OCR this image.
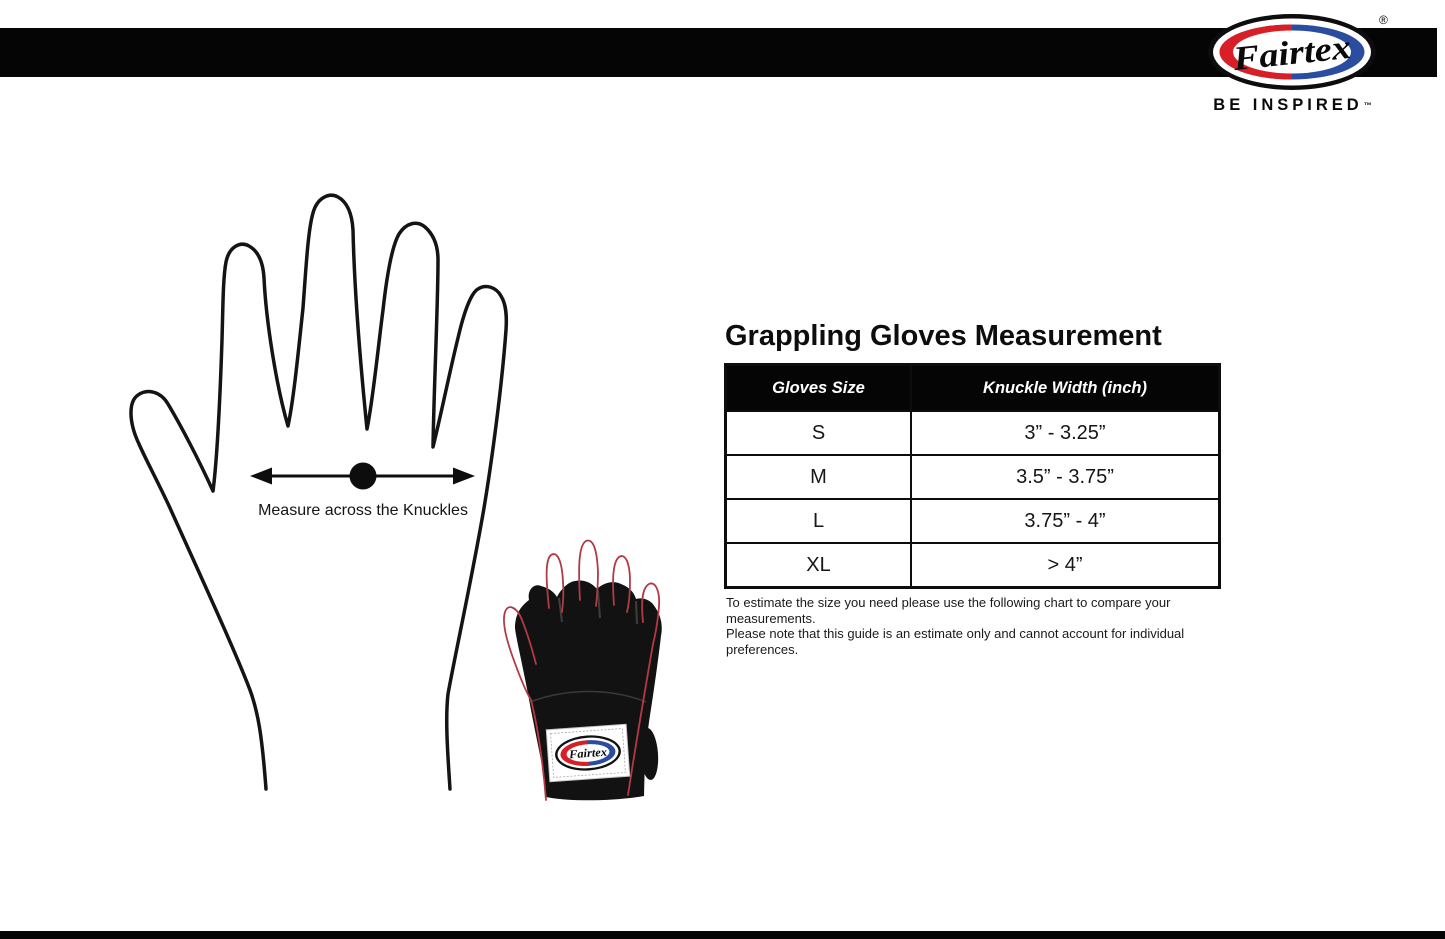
Fairtex
®
BE INSPIRED™
Measure across the Knuckles
Fairtex
Grappling Gloves Measurement
Gloves Size	Knuckle Width (inch)
S	3” - 3.25”
M	3.5” - 3.75”
L	3.75” - 4”
XL	> 4”
To estimate the size you need please use the following chart to compare your measurements.
Please note that this guide is an estimate only and cannot account for individual preferences.
